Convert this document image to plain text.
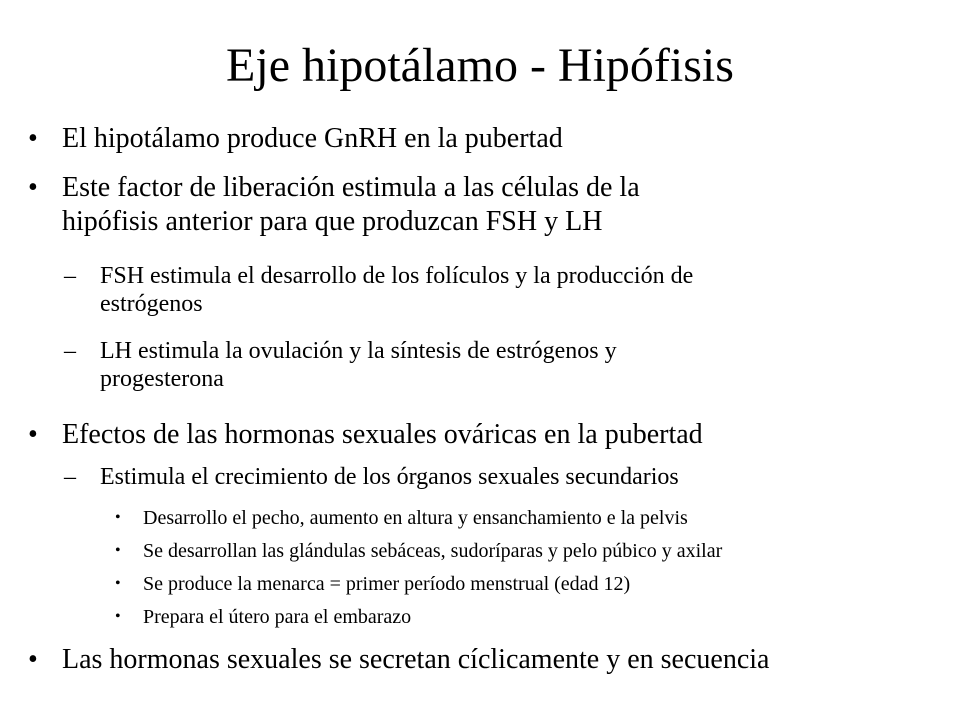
Eje hipotálamo - Hipófisis
• El hipotálamo produce GnRH en la pubertad
• Este factor de liberación estimula a las células de la
hipófisis anterior para que produzcan FSH y LH
– FSH estimula el desarrollo de los folículos y la producción de
estrógenos
– LH estimula la ovulación y la síntesis de estrógenos y
progesterona
• Efectos de las hormonas sexuales ováricas en la pubertad
– Estimula el crecimiento de los órganos sexuales secundarios
• Desarrollo el pecho, aumento en altura y ensanchamiento e la pelvis
• Se desarrollan las glándulas sebáceas, sudoríparas y pelo púbico y axilar
• Se produce la menarca = primer período menstrual (edad 12)
• Prepara el útero para el embarazo
• Las hormonas sexuales se secretan cíclicamente y en secuencia
